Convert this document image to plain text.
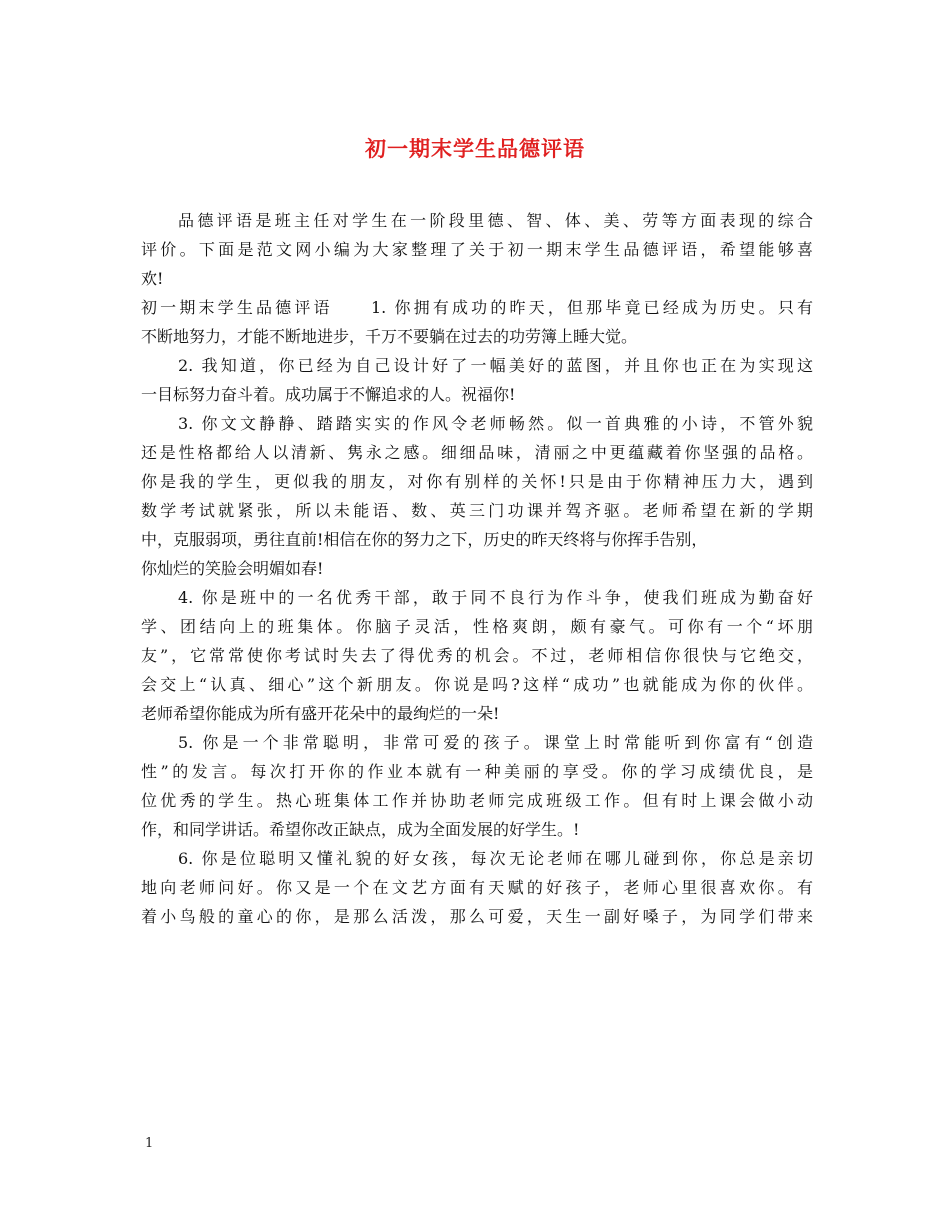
初一期末学生品德评语
品德评语是班主任对学生在一阶段里德、智、体、美、劳等方面表现的综合
评价。下面是范文网小编为大家整理了关于初一期末学生品德评语，希望能够喜
欢!
初一期末学生品德评语　　1. 你拥有成功的昨天，但那毕竟已经成为历史。只有
不断地努力，才能不断地进步，千万不要躺在过去的功劳簿上睡大觉。
2. 我知道，你已经为自己设计好了一幅美好的蓝图，并且你也正在为实现这
一目标努力奋斗着。成功属于不懈追求的人。祝福你!
3. 你文文静静、踏踏实实的作风令老师畅然。似一首典雅的小诗，不管外貌
还是性格都给人以清新、隽永之感。细细品味，清丽之中更蕴藏着你坚强的品格。
你是我的学生，更似我的朋友，对你有别样的关怀!只是由于你精神压力大，遇到
数学考试就紧张，所以未能语、数、英三门功课并驾齐驱。老师希望在新的学期
中，克服弱项，勇往直前!相信在你的努力之下，历史的昨天终将与你挥手告别，
你灿烂的笑脸会明媚如春!
4. 你是班中的一名优秀干部，敢于同不良行为作斗争，使我们班成为勤奋好
学、团结向上的班集体。你脑子灵活，性格爽朗，颇有豪气。可你有一个“坏朋
友”，它常常使你考试时失去了得优秀的机会。不过，老师相信你很快与它绝交，
会交上“认真、细心”这个新朋友。你说是吗?这样“成功”也就能成为你的伙伴。
老师希望你能成为所有盛开花朵中的最绚烂的一朵!
5. 你是一个非常聪明，非常可爱的孩子。课堂上时常能听到你富有“创造
性”的发言。每次打开你的作业本就有一种美丽的享受。你的学习成绩优良，是
位优秀的学生。热心班集体工作并协助老师完成班级工作。但有时上课会做小动
作，和同学讲话。希望你改正缺点，成为全面发展的好学生。!
6. 你是位聪明又懂礼貌的好女孩，每次无论老师在哪儿碰到你，你总是亲切
地向老师问好。你又是一个在文艺方面有天赋的好孩子，老师心里很喜欢你。有
着小鸟般的童心的你，是那么活泼，那么可爱，天生一副好嗓子，为同学们带来
1
